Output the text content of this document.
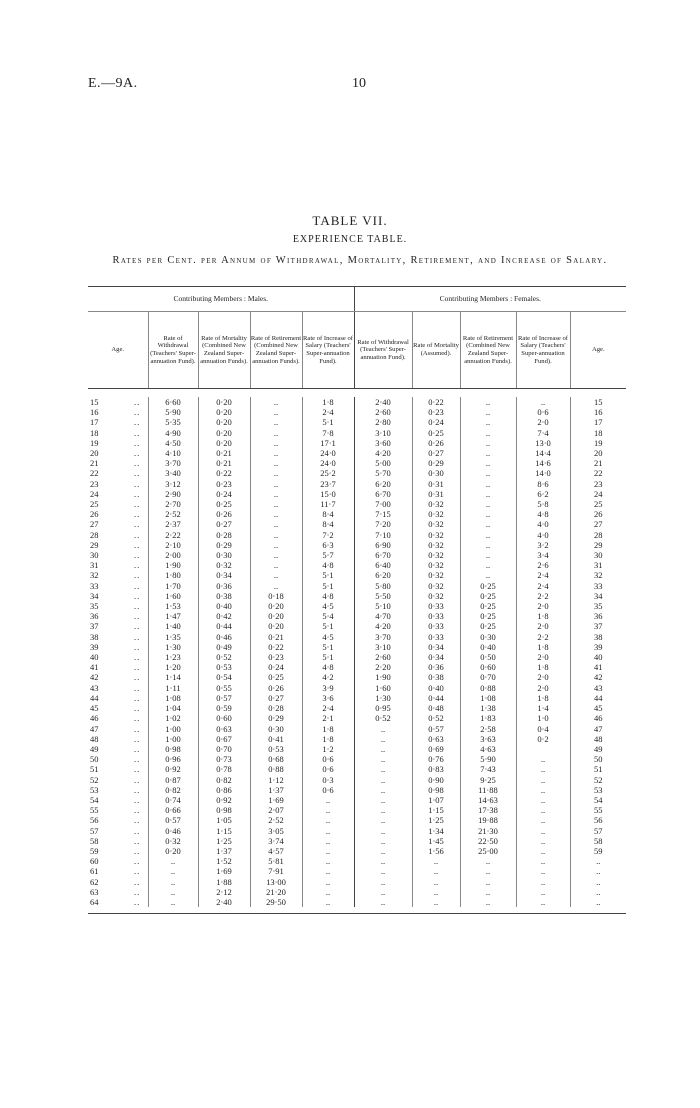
E.—9A.	10
TABLE VII.
EXPERIENCE TABLE.
Rates per Cent. per Annum of Withdrawal, Mortality, Retirement, and Increase of Salary.
Contributing Members : Males.						Contributing Members : Females.				
Age.		Rate of Withdrawal (Teachers' Super-annuation Fund).	Rate of Mortality (Combined New Zealand Super-annuation Funds).	Rate of Retirement (Combined New Zealand Super-annuation Funds).	Rate of Increase of Salary (Teachers' Super-annuation Fund).	Rate of Withdrawal (Teachers' Super-annuation Fund).	Rate of Mortality (Assumed).	Rate of Retirement (Combined New Zealand Super-annuation Funds).	Rate of Increase of Salary (Teachers' Super-annuation Fund).	Age.

15	..	6·60	0·20	..	1·8	2·40	0·22	..	..	15
16	..	5·90	0·20	..	2·4	2·60	0·23	..	0·6	16
17	..	5·35	0·20	..	5·1	2·80	0·24	..	2·0	17
18	..	4·90	0·20	..	7·8	3·10	0·25	..	7·4	18
19	..	4·50	0·20	..	17·1	3·60	0·26	..	13·0	19
20	..	4·10	0·21	..	24·0	4·20	0·27	..	14·4	20
21	..	3·70	0·21	..	24·0	5·00	0·29	..	14·6	21
22	..	3·40	0·22	..	25·2	5·70	0·30	..	14·0	22
23	..	3·12	0·23	..	23·7	6·20	0·31	..	8·6	23
24	..	2·90	0·24	..	15·0	6·70	0·31	..	6·2	24
25	..	2·70	0·25	..	11·7	7·00	0·32	..	5·8	25
26	..	2·52	0·26	..	8·4	7·15	0·32	..	4·8	26
27	..	2·37	0·27	..	8·4	7·20	0·32	..	4·0	27
28	..	2·22	0·28	..	7·2	7·10	0·32	..	4·0	28
29	..	2·10	0·29	..	6·3	6·90	0·32	..	3·2	29
30	..	2·00	0·30	..	5·7	6·70	0·32	..	3·4	30
31	..	1·90	0·32	..	4·8	6·40	0·32	..	2·6	31
32	..	1·80	0·34	..	5·1	6·20	0·32	..	2·4	32
33	..	1·70	0·36	..	5·1	5·80	0·32	0·25	2·4	33
34	..	1·60	0·38	0·18	4·8	5·50	0·32	0·25	2·2	34
35	..	1·53	0·40	0·20	4·5	5·10	0·33	0·25	2·0	35
36	..	1·47	0·42	0·20	5·4	4·70	0·33	0·25	1·8	36
37	..	1·40	0·44	0·20	5·1	4·20	0·33	0·25	2·0	37
38	..	1·35	0·46	0·21	4·5	3·70	0·33	0·30	2·2	38
39	..	1·30	0·49	0·22	5·1	3·10	0·34	0·40	1·8	39
40	..	1·23	0·52	0·23	5·1	2·60	0·34	0·50	2·0	40
41	..	1·20	0·53	0·24	4·8	2·20	0·36	0·60	1·8	41
42	..	1·14	0·54	0·25	4·2	1·90	0·38	0·70	2·0	42
43	..	1·11	0·55	0·26	3·9	1·60	0·40	0·88	2·0	43
44	..	1·08	0·57	0·27	3·6	1·30	0·44	1·08	1·8	44
45	..	1·04	0·59	0·28	2·4	0·95	0·48	1·38	1·4	45
46	..	1·02	0·60	0·29	2·1	0·52	0·52	1·83	1·0	46
47	..	1·00	0·63	0·30	1·8	..	0·57	2·58	0·4	47
48	..	1·00	0·67	0·41	1·8	..	0·63	3·63	0·2	48
49	..	0·98	0·70	0·53	1·2	..	0·69	4·63		49
50	..	0·96	0·73	0·68	0·6	..	0·76	5·90	..	50
51	..	0·92	0·78	0·88	0·6	..	0·83	7·43	..	51
52	..	0·87	0·82	1·12	0·3	..	0·90	9·25	..	52
53	..	0·82	0·86	1·37	0·6	..	0·98	11·88	..	53
54	..	0·74	0·92	1·69	..	..	1·07	14·63	..	54
55	..	0·66	0·98	2·07	..	..	1·15	17·38	..	55
56	..	0·57	1·05	2·52	..	..	1·25	19·88	..	56
57	..	0·46	1·15	3·05	..	..	1·34	21·30	..	57
58	..	0·32	1·25	3·74	..	..	1·45	22·50	..	58
59	..	0·20	1·37	4·57	..	..	1·56	25·00	..	59
60	..	..	1·52	5·81	..	..	..	..	..	..
61	..	..	1·69	7·91	..	..	..	..	..	..
62	..	..	1·88	13·00	..	..	..	..	..	..
63	..	..	2·12	21·20	..	..	..	..	..	..
64	..	..	2·40	29·50	..	..	..	..	..	..
